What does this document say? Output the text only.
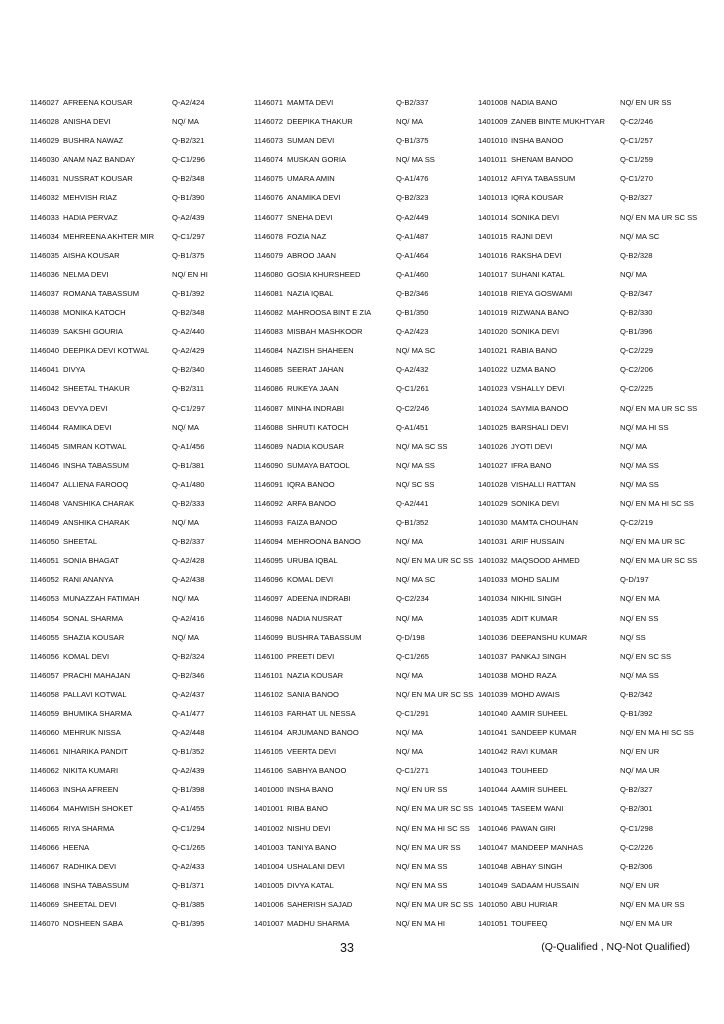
1146027 AFREENA KOUSAR	Q-A2/424
1146028 ANISHA DEVI	NQ/ MA
1146029 BUSHRA NAWAZ	Q-B2/321
1146030 ANAM NAZ BANDAY	Q-C1/296
1146031 NUSSRAT KOUSAR	Q-B2/348
1146032 MEHVISH RIAZ	Q-B1/390
1146033 HADIA PERVAZ	Q-A2/439
1146034 MEHREENA AKHTER MIR	Q-C1/297
1146035 AISHA KOUSAR	Q-B1/375
1146036 NELMA DEVI	NQ/ EN HI
1146037 ROMANA TABASSUM	Q-B1/392
1146038 MONIKA KATOCH	Q-B2/348
1146039 SAKSHI GOURIA	Q-A2/440
1146040 DEEPIKA DEVI KOTWAL	Q-A2/429
1146041 DIVYA	Q-B2/340
1146042 SHEETAL THAKUR	Q-B2/311
1146043 DEVYA DEVI	Q-C1/297
1146044 RAMIKA DEVI	NQ/ MA
1146045 SIMRAN KOTWAL	Q-A1/456
1146046 INSHA TABASSUM	Q-B1/381
1146047 ALLIENA FAROOQ	Q-A1/480
1146048 VANSHIKA CHARAK	Q-B2/333
1146049 ANSHIKA CHARAK	NQ/ MA
1146050 SHEETAL	Q-B2/337
1146051 SONIA BHAGAT	Q-A2/428
1146052 RANI ANANYA	Q-A2/438
1146053 MUNAZZAH FATIMAH	NQ/ MA
1146054 SONAL SHARMA	Q-A2/416
1146055 SHAZIA KOUSAR	NQ/ MA
1146056 KOMAL DEVI	Q-B2/324
1146057 PRACHI MAHAJAN	Q-B2/346
1146058 PALLAVI KOTWAL	Q-A2/437
1146059 BHUMIKA SHARMA	Q-A1/477
1146060 MEHRUK NISSA	Q-A2/448
1146061 NIHARIKA PANDIT	Q-B1/352
1146062 NIKITA KUMARI	Q-A2/439
1146063 INSHA AFREEN	Q-B1/398
1146064 MAHWISH SHOKET	Q-A1/455
1146065 RIYA SHARMA	Q-C1/294
1146066 HEENA	Q-C1/265
1146067 RADHIKA DEVI	Q-A2/433
1146068 INSHA TABASSUM	Q-B1/371
1146069 SHEETAL DEVI	Q-B1/385
1146070 NOSHEEN SABA	Q-B1/395
1146071 MAMTA DEVI	Q-B2/337
1146072 DEEPIKA THAKUR	NQ/ MA
1146073 SUMAN DEVI	Q-B1/375
1146074 MUSKAN GORIA	NQ/ MA SS
1146075 UMARA AMIN	Q-A1/476
1146076 ANAMIKA DEVI	Q-B2/323
1146077 SNEHA DEVI	Q-A2/449
1146078 FOZIA NAZ	Q-A1/487
1146079 ABROO JAAN	Q-A1/464
1146080 GOSIA KHURSHEED	Q-A1/460
1146081 NAZIA IQBAL	Q-B2/346
1146082 MAHROOSA BINT E ZIA	Q-B1/350
1146083 MISBAH MASHKOOR	Q-A2/423
1146084 NAZISH SHAHEEN	NQ/ MA SC
1146085 SEERAT JAHAN	Q-A2/432
1146086 RUKEYA JAAN	Q-C1/261
1146087 MINHA INDRABI	Q-C2/246
1146088 SHRUTI KATOCH	Q-A1/451
1146089 NADIA KOUSAR	NQ/ MA SC SS
1146090 SUMAYA BATOOL	NQ/ MA SS
1146091 IQRA BANOO	NQ/ SC SS
1146092 ARFA BANOO	Q-A2/441
1146093 FAIZA BANOO	Q-B1/352
1146094 MEHROONA BANOO	NQ/ MA
1146095 URUBA IQBAL	NQ/ EN MA UR SC SS
1146096 KOMAL DEVI	NQ/ MA SC
1146097 ADEENA INDRABI	Q-C2/234
1146098 NADIA NUSRAT	NQ/ MA
1146099 BUSHRA TABASSUM	Q-D/198
1146100 PREETI DEVI	Q-C1/265
1146101 NAZIA KOUSAR	NQ/ MA
1146102 SANIA BANOO	NQ/ EN MA UR SC SS
1146103 FARHAT UL NESSA	Q-C1/291
1146104 ARJUMAND BANOO	NQ/ MA
1146105 VEERTA DEVI	NQ/ MA
1146106 SABHYA BANOO	Q-C1/271
1401000 INSHA BANO	NQ/ EN UR SS
1401001 RIBA BANO	NQ/ EN MA UR SC SS
1401002 NISHU DEVI	NQ/ EN MA HI SC SS
1401003 TANIYA BANO	NQ/ EN MA UR SS
1401004 USHALANI DEVI	NQ/ EN MA SS
1401005 DIVYA KATAL	NQ/ EN MA SS
1401006 SAHERISH SAJAD	NQ/ EN MA UR SC SS
1401007 MADHU SHARMA	NQ/ EN MA HI
1401008 NADIA BANO	NQ/ EN UR SS
1401009 ZANEB BINTE MUKHTYAR	Q-C2/246
1401010 INSHA BANOO	Q-C1/257
1401011 SHENAM BANOO	Q-C1/259
1401012 AFIYA TABASSUM	Q-C1/270
1401013 IQRA KOUSAR	Q-B2/327
1401014 SONIKA DEVI	NQ/ EN MA UR SC SS
1401015 RAJNI DEVI	NQ/ MA SC
1401016 RAKSHA DEVI	Q-B2/328
1401017 SUHANI KATAL	NQ/ MA
1401018 RIEYA GOSWAMI	Q-B2/347
1401019 RIZWANA BANO	Q-B2/330
1401020 SONIKA DEVI	Q-B1/396
1401021 RABIA BANO	Q-C2/229
1401022 UZMA BANO	Q-C2/206
1401023 VSHALLY DEVI	Q-C2/225
1401024 SAYMIA BANOO	NQ/ EN MA UR SC SS
1401025 BARSHALI DEVI	NQ/ MA HI SS
1401026 JYOTI DEVI	NQ/ MA
1401027 IFRA BANO	NQ/ MA SS
1401028 VISHALLI RATTAN	NQ/ MA SS
1401029 SONIKA DEVI	NQ/ EN MA HI SC SS
1401030 MAMTA CHOUHAN	Q-C2/219
1401031 ARIF HUSSAIN	NQ/ EN MA UR SC
1401032 MAQSOOD AHMED	NQ/ EN MA UR SC SS
1401033 MOHD SALIM	Q-D/197
1401034 NIKHIL SINGH	NQ/ EN MA
1401035 ADIT KUMAR	NQ/ EN SS
1401036 DEEPANSHU KUMAR	NQ/ SS
1401037 PANKAJ SINGH	NQ/ EN SC SS
1401038 MOHD RAZA	NQ/ MA SS
1401039 MOHD AWAIS	Q-B2/342
1401040 AAMIR SUHEEL	Q-B1/392
1401041 SANDEEP KUMAR	NQ/ EN MA HI SC SS
1401042 RAVI KUMAR	NQ/ EN UR
1401043 TOUHEED	NQ/ MA UR
1401044 AAMIR SUHEEL	Q-B2/327
1401045 TASEEM WANI	Q-B2/301
1401046 PAWAN GIRI	Q-C1/298
1401047 MANDEEP MANHAS	Q-C2/226
1401048 ABHAY SINGH	Q-B2/306
1401049 SADAAM HUSSAIN	NQ/ EN UR
1401050 ABU HURIAR	NQ/ EN MA UR SS
1401051 TOUFEEQ	NQ/ EN MA UR
33	(Q-Qualified , NQ-Not Qualified)
